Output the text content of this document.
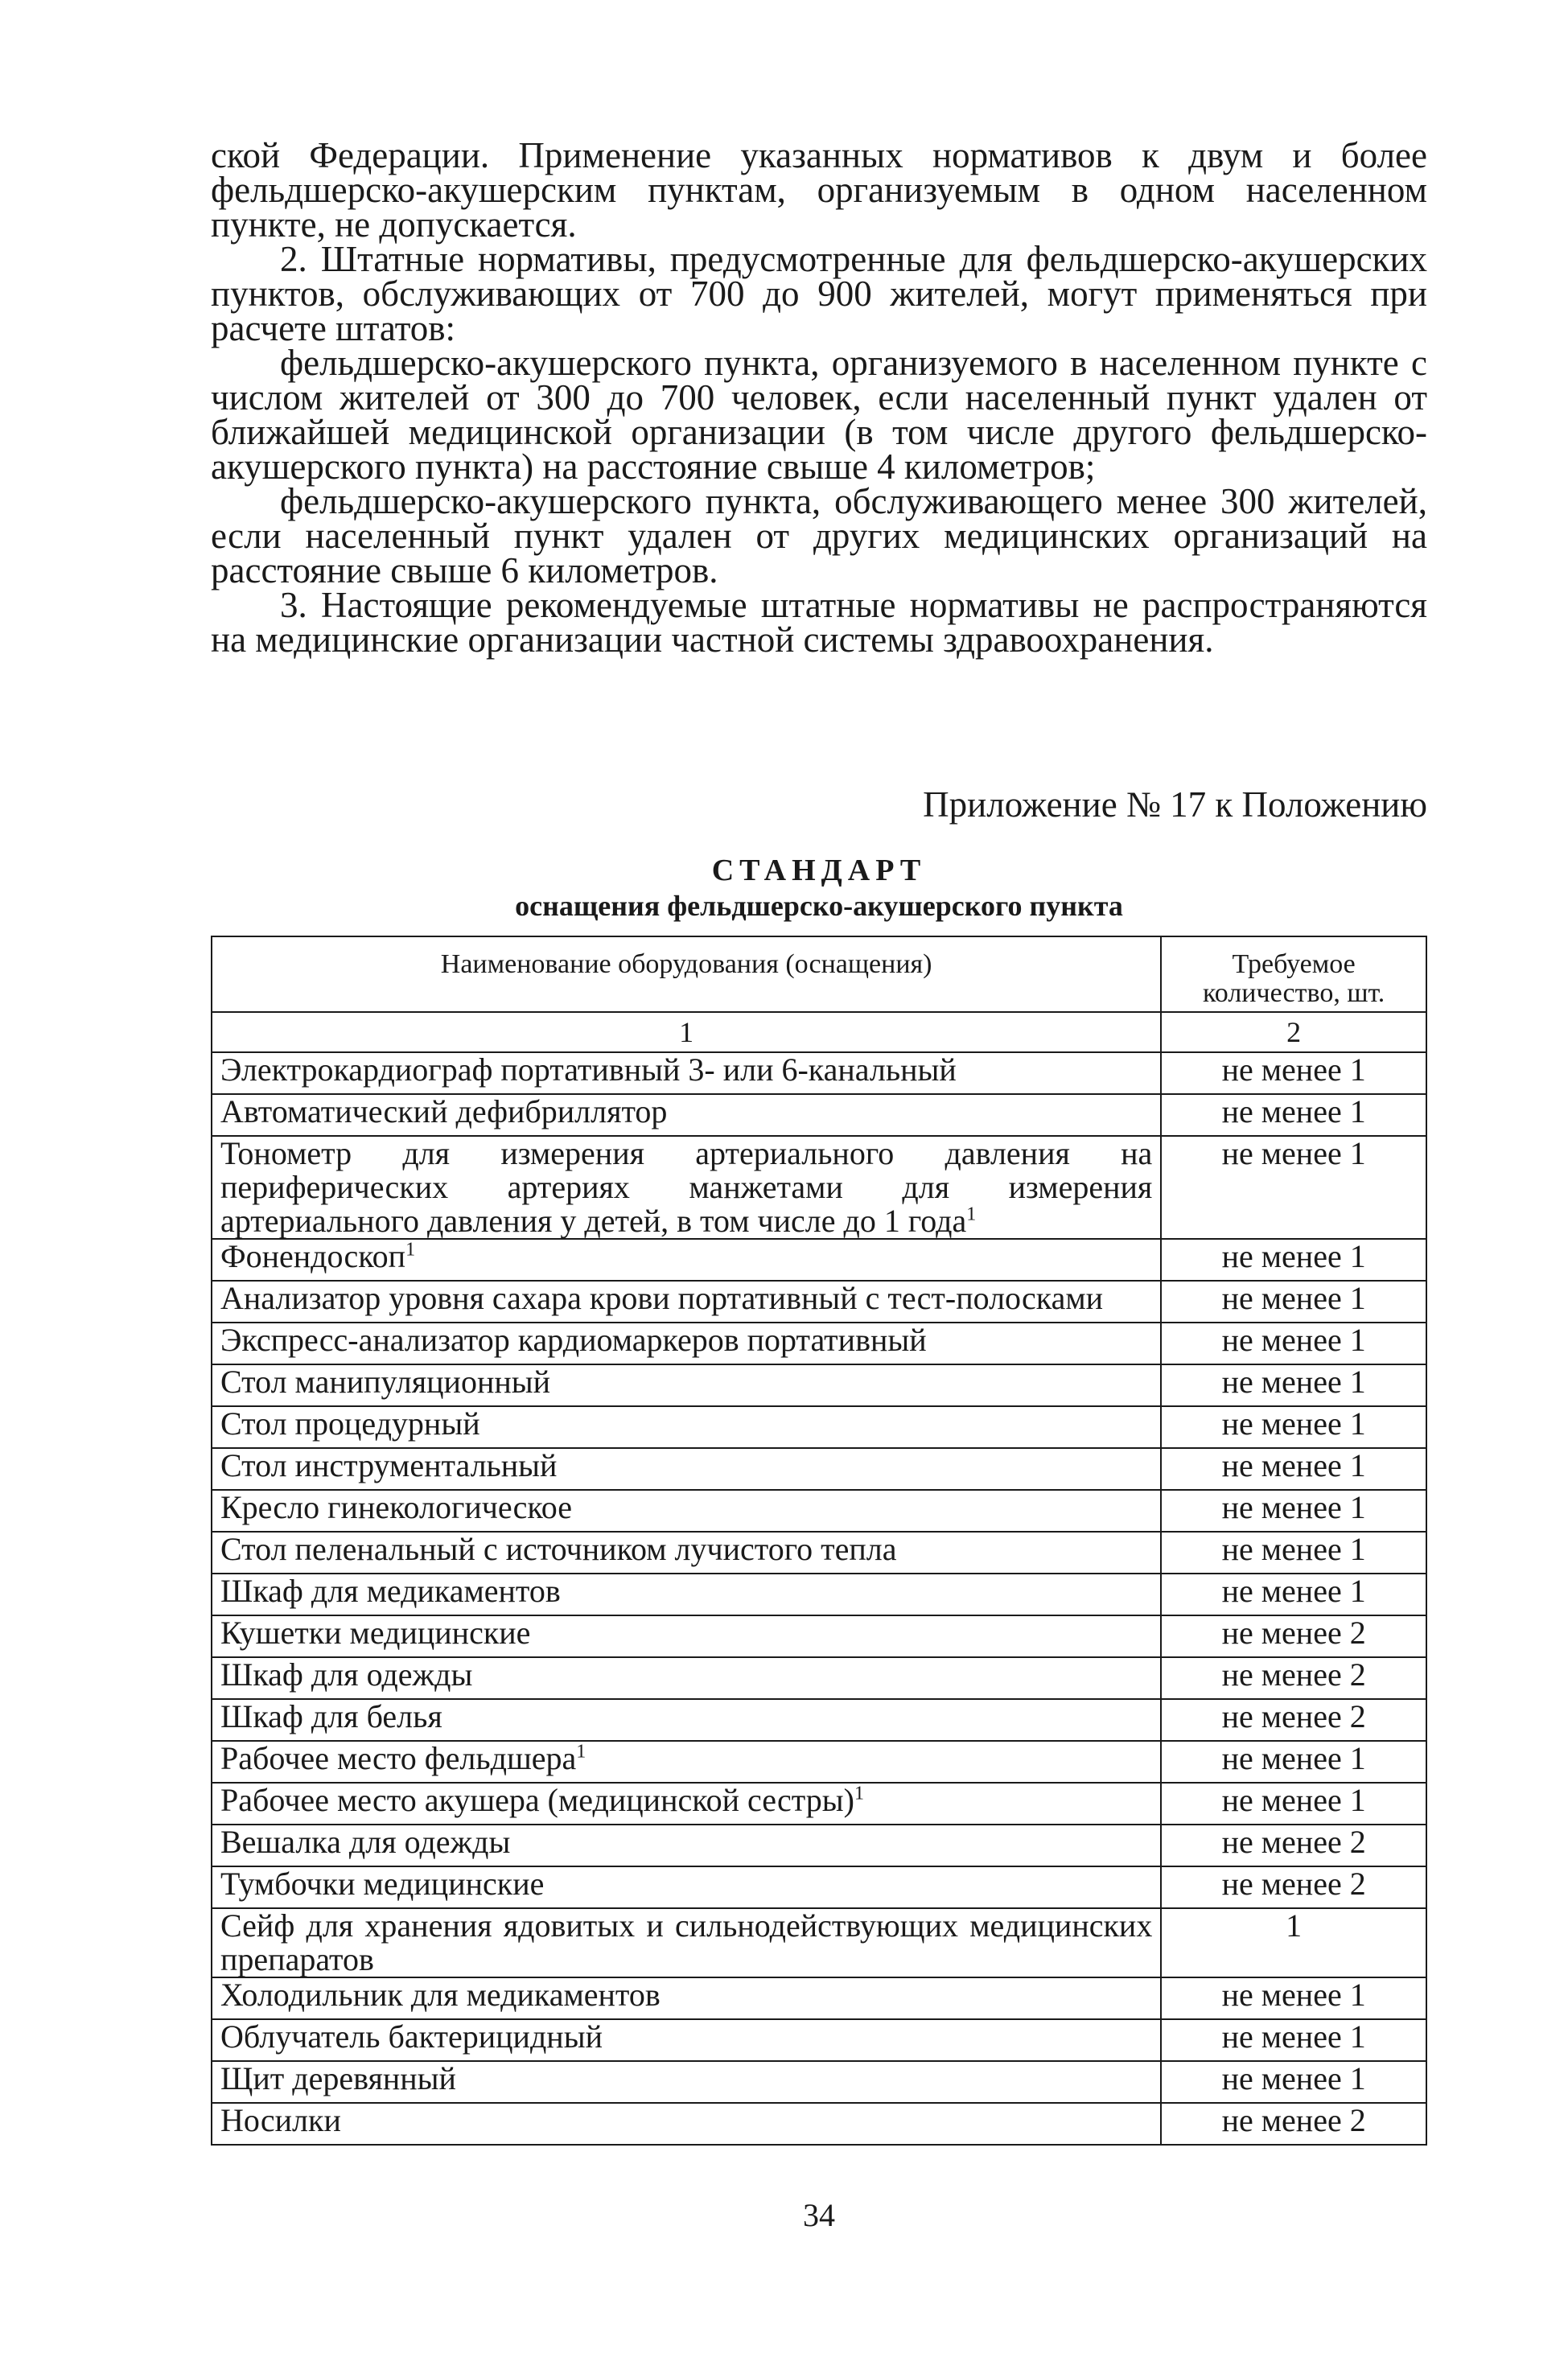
ской Федерации. Применение указанных нормативов к двум и более фельдшерско-акушерским пунктам, организуемым в одном населенном пункте, не допускается.

2. Штатные нормативы, предусмотренные для фельдшерско-акушерских пунктов, обслуживающих от 700 до 900 жителей, могут применяться при расчете штатов:

фельдшерско-акушерского пункта, организуемого в населенном пункте с числом жителей от 300 до 700 человек, если населенный пункт удален от ближайшей медицинской организации (в том числе другого фельдшерско-акушерского пункта) на расстояние свыше 4 километров;

фельдшерско-акушерского пункта, обслуживающего менее 300 жителей, если населенный пункт удален от других медицинских организаций на расстояние свыше 6 километров.

3. Настоящие рекомендуемые штатные нормативы не распространяются на медицинские организации частной системы здравоохранения.

Приложение № 17 к Положению
СТАНДАРТ
оснащения фельдшерско-акушерского пункта
Наименование оборудования (оснащения)	Требуемое
количество, шт.
1	2
Электрокардиограф портативный 3- или 6-канальный	не менее 1
Автоматический дефибриллятор	не менее 1
Тонометр для измерения артериального давления на периферических артериях манжетами для измерения артериального давления у детей, в том числе до 1 года$^1$	не менее 1
Фонендоскоп$^1$	не менее 1
Анализатор уровня сахара крови портативный с тест-полосками	не менее 1
Экспресс-анализатор кардиомаркеров портативный	не менее 1
Стол манипуляционный	не менее 1
Стол процедурный	не менее 1
Стол инструментальный	не менее 1
Кресло гинекологическое	не менее 1
Стол пеленальный с источником лучистого тепла	не менее 1
Шкаф для медикаментов	не менее 1
Кушетки медицинские	не менее 2
Шкаф для одежды	не менее 2
Шкаф для белья	не менее 2
Рабочее место фельдшера$^1$	не менее 1
Рабочее место акушера (медицинской сестры)$^1$	не менее 1
Вешалка для одежды	не менее 2
Тумбочки медицинские	не менее 2
Сейф для хранения ядовитых и сильнодействующих медицинских препаратов	1
Холодильник для медикаментов	не менее 1
Облучатель бактерицидный	не менее 1
Щит деревянный	не менее 1
Носилки	не менее 2
34
